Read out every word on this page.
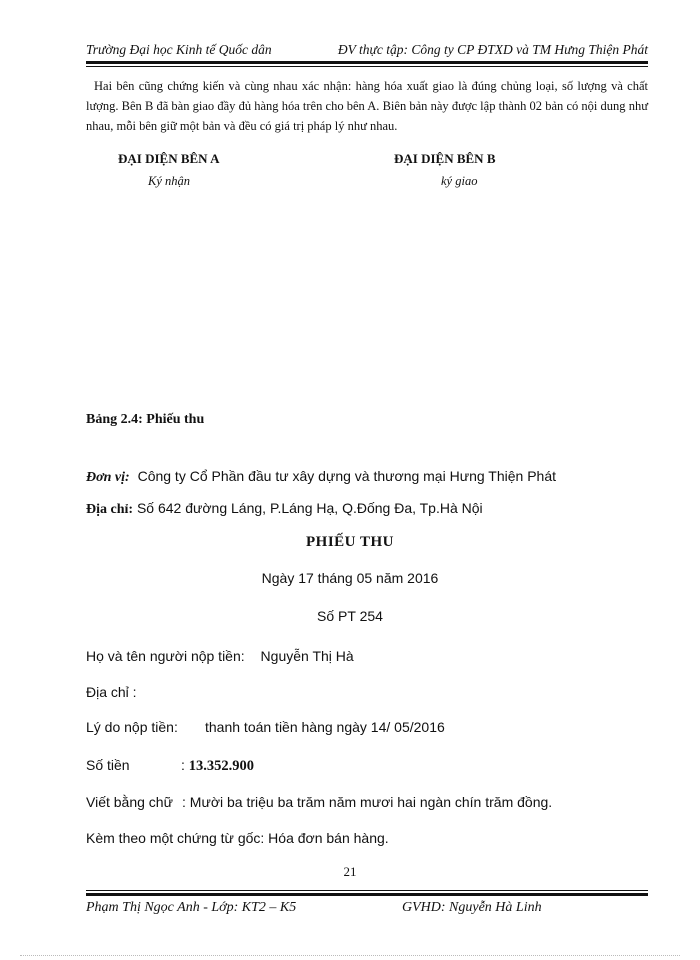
Trường Đại học Kinh tế Quốc dân	ĐV thực tập: Công ty CP ĐTXD và TM Hưng Thiện Phát
Hai bên cũng chứng kiến và cùng nhau xác nhận: hàng hóa xuất giao là đúng chủng loại, số lượng và chất lượng. Bên B đã bàn giao đầy đủ hàng hóa trên cho bên A. Biên bản này được lập thành 02 bản có nội dung như nhau, mỗi bên giữ một bản và đều có giá trị pháp lý như nhau.
ĐẠI DIỆN BÊN A
Ký nhận
ĐẠI DIỆN BÊN B
ký giao
Bảng 2.4: Phiếu thu
Đơn vị: Công ty Cổ Phần đầu tư xây dựng và thương mại Hưng Thiện Phát
Địa chỉ: Số 642 đường Láng, P.Láng Hạ, Q.Đống Đa, Tp.Hà Nội
PHIẾU THU
Ngày 17 tháng 05 năm 2016
Số PT 254
Họ và tên người nộp tiền: Nguyễn Thị Hà
Địa chỉ :
Lý do nộp tiền: thanh toán tiền hàng ngày 14/ 05/2016
Số tiền	: 13.352.900
Viết bằng chữ : Mười ba triệu ba trăm năm mươi hai ngàn chín trăm đồng.
Kèm theo một chứng từ gốc: Hóa đơn bán hàng.
21
Phạm Thị Ngọc Anh - Lớp: KT2 – K5	GVHD: Nguyễn Hà Linh
